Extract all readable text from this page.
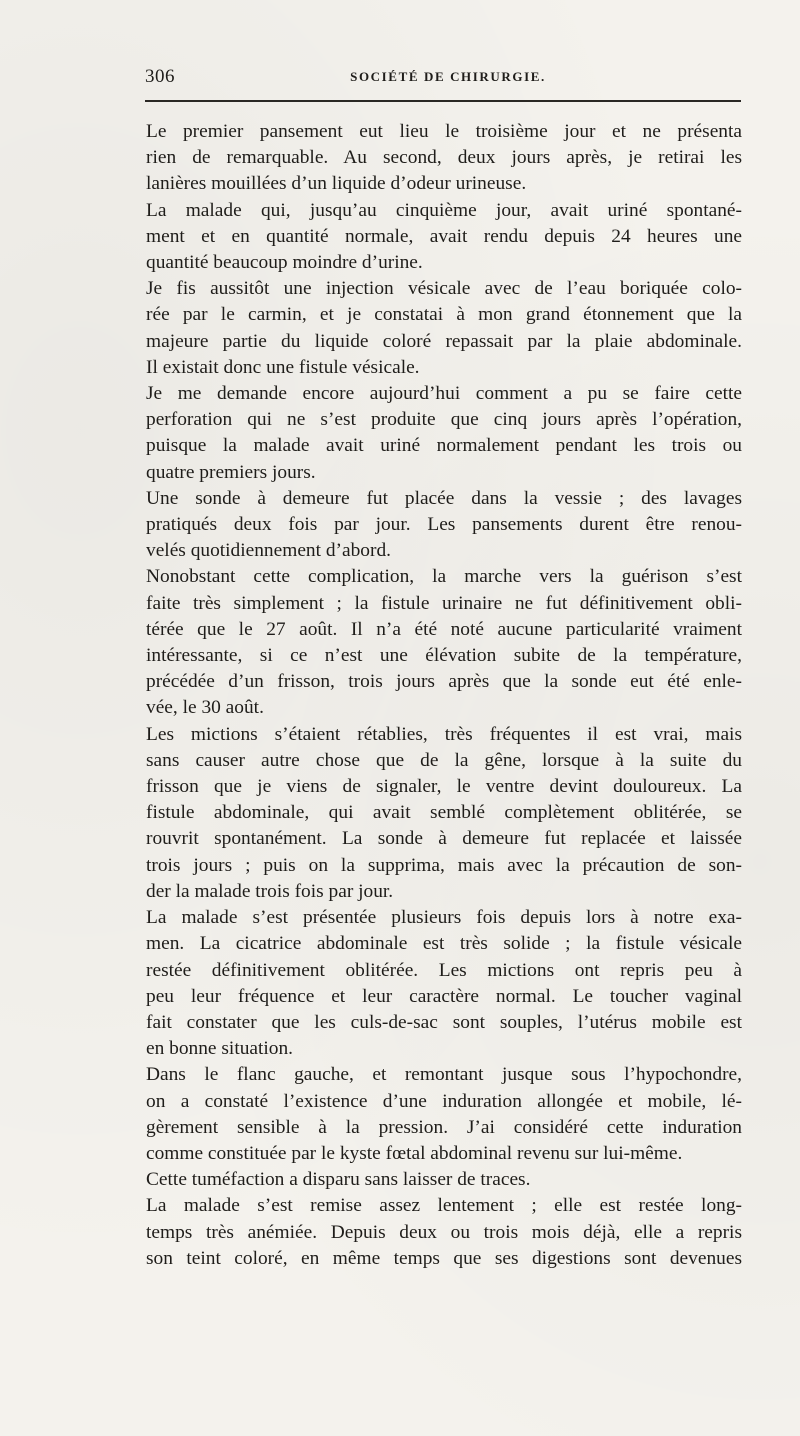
306	SOCIÉTÉ DE CHIRURGIE.

Le premier pansement eut lieu le troisième jour et ne présenta
rien de remarquable. Au second, deux jours après, je retirai les
lanières mouillées d’un liquide d’odeur urineuse.

La malade qui, jusqu’au cinquième jour, avait uriné spontané-
ment et en quantité normale, avait rendu depuis 24 heures une
quantité beaucoup moindre d’urine.

Je fis aussitôt une injection vésicale avec de l’eau boriquée colo-
rée par le carmin, et je constatai à mon grand étonnement que la
majeure partie du liquide coloré repassait par la plaie abdominale.
Il existait donc une fistule vésicale.

Je me demande encore aujourd’hui comment a pu se faire cette
perforation qui ne s’est produite que cinq jours après l’opération,
puisque la malade avait uriné normalement pendant les trois ou
quatre premiers jours.

Une sonde à demeure fut placée dans la vessie ; des lavages
pratiqués deux fois par jour. Les pansements durent être renou-
velés quotidiennement d’abord.

Nonobstant cette complication, la marche vers la guérison s’est
faite très simplement ; la fistule urinaire ne fut définitivement obli-
térée que le 27 août. Il n’a été noté aucune particularité vraiment
intéressante, si ce n’est une élévation subite de la température,
précédée d’un frisson, trois jours après que la sonde eut été enle-
vée, le 30 août.

Les mictions s’étaient rétablies, très fréquentes il est vrai, mais
sans causer autre chose que de la gêne, lorsque à la suite du
frisson que je viens de signaler, le ventre devint douloureux. La
fistule abdominale, qui avait semblé complètement oblitérée, se
rouvrit spontanément. La sonde à demeure fut replacée et laissée
trois jours ; puis on la supprima, mais avec la précaution de son-
der la malade trois fois par jour.

La malade s’est présentée plusieurs fois depuis lors à notre exa-
men. La cicatrice abdominale est très solide ; la fistule vésicale
restée définitivement oblitérée. Les mictions ont repris peu à
peu leur fréquence et leur caractère normal. Le toucher vaginal
fait constater que les culs-de-sac sont souples, l’utérus mobile est
en bonne situation.

Dans le flanc gauche, et remontant jusque sous l’hypochondre,
on a constaté l’existence d’une induration allongée et mobile, lé-
gèrement sensible à la pression. J’ai considéré cette induration
comme constituée par le kyste fœtal abdominal revenu sur lui-même.

Cette tuméfaction a disparu sans laisser de traces.

La malade s’est remise assez lentement ; elle est restée long-
temps très anémiée. Depuis deux ou trois mois déjà, elle a repris
son teint coloré, en même temps que ses digestions sont devenues
